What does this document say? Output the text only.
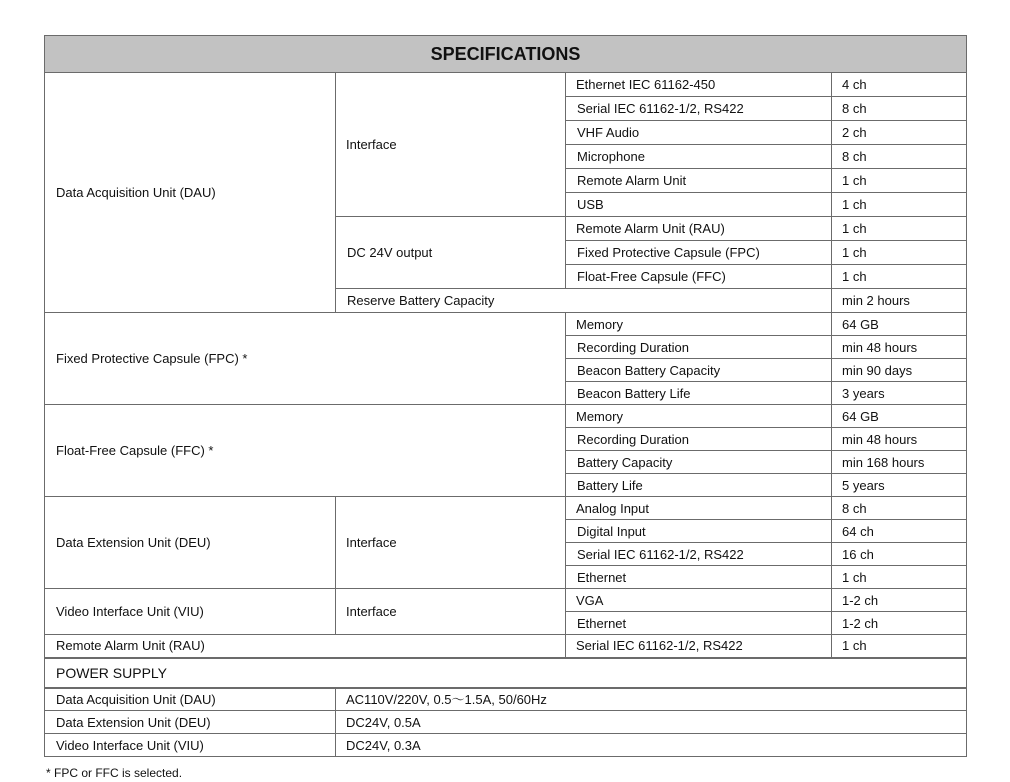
SPECIFICATIONS			
Data Acquisition Unit (DAU)	Interface	Ethernet IEC 61162-450	4 ch
		Serial IEC 61162-1/2, RS422	8 ch
		VHF Audio	2 ch
		Microphone	8 ch
		Remote Alarm Unit	1 ch
		USB	1 ch
	DC 24V output	Remote Alarm Unit (RAU)	1 ch
		Fixed Protective Capsule (FPC)	1 ch
		Float-Free Capsule (FFC)	1 ch
	Reserve Battery Capacity		min 2 hours
Fixed Protective Capsule (FPC) *		Memory	64 GB
		Recording Duration	min 48 hours
		Beacon Battery Capacity	min 90 days
		Beacon Battery Life	3 years
Float-Free Capsule (FFC) *		Memory	64 GB
		Recording Duration	min 48 hours
		Battery Capacity	min 168 hours
		Battery Life	5 years
Data Extension Unit (DEU)	Interface	Analog Input	8 ch
		Digital Input	64 ch
		Serial IEC 61162-1/2, RS422	16 ch
		Ethernet	1 ch
Video Interface Unit (VIU)	Interface	VGA	1-2 ch
		Ethernet	1-2 ch
Remote Alarm Unit (RAU)		Serial IEC 61162-1/2, RS422	1 ch
POWER SUPPLY			
Data Acquisition Unit (DAU)	AC110V/220V, 0.5～1.5A, 50/60Hz		
Data Extension Unit (DEU)	DC24V, 0.5A		
Video Interface Unit (VIU)	DC24V, 0.3A		
* FPC or FFC is selected.
